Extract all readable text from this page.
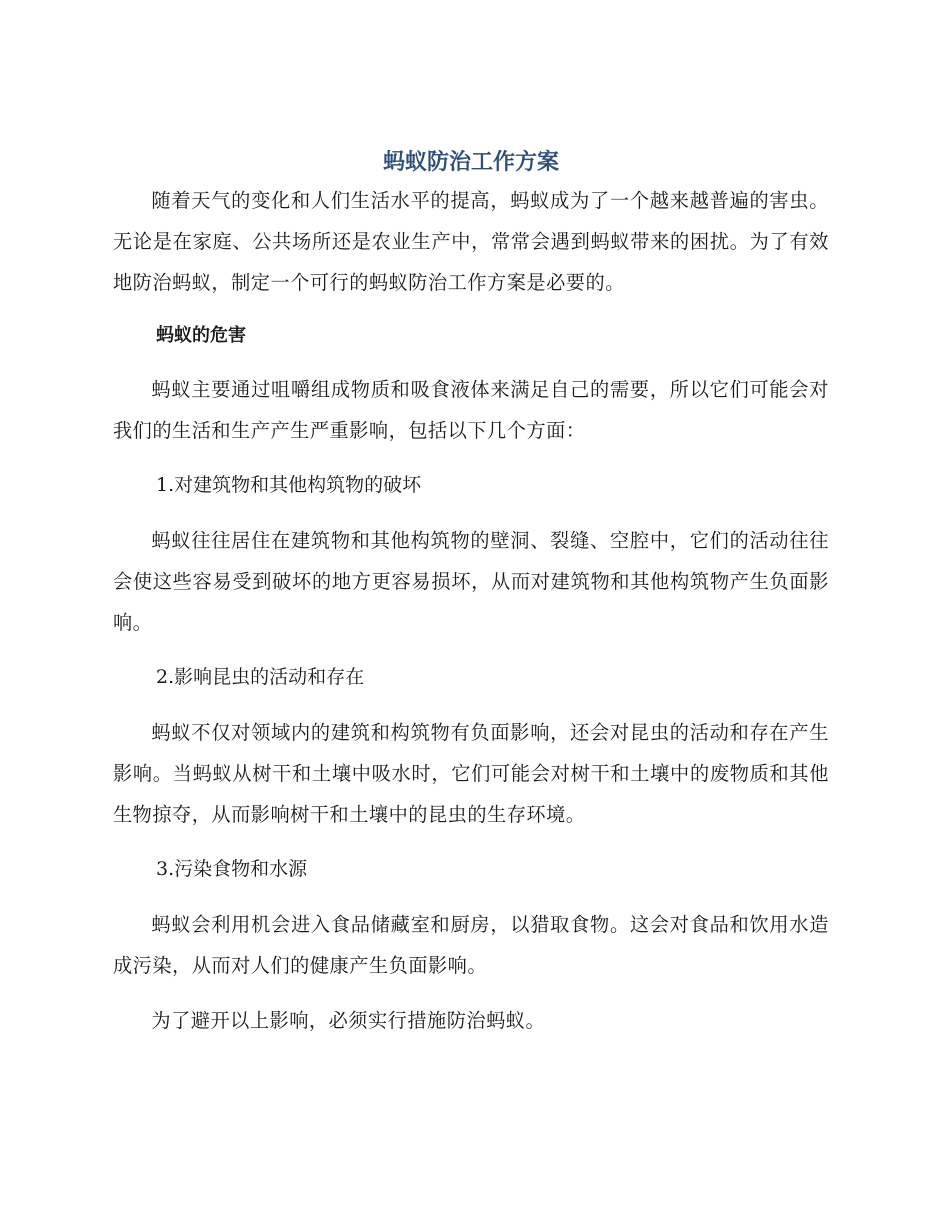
蚂蚁防治工作方案

随着天气的变化和人们生活水平的提高，蚂蚁成为了一个越来越普遍的害虫。无论是在家庭、公共场所还是农业生产中，常常会遇到蚂蚁带来的困扰。为了有效地防治蚂蚁，制定一个可行的蚂蚁防治工作方案是必要的。

蚂蚁的危害

蚂蚁主要通过咀嚼组成物质和吸食液体来满足自己的需要，所以它们可能会对我们的生活和生产产生严重影响，包括以下几个方面：

1.对建筑物和其他构筑物的破坏

蚂蚁往往居住在建筑物和其他构筑物的壁洞、裂缝、空腔中，它们的活动往往会使这些容易受到破坏的地方更容易损坏，从而对建筑物和其他构筑物产生负面影响。

2.影响昆虫的活动和存在

蚂蚁不仅对领域内的建筑和构筑物有负面影响，还会对昆虫的活动和存在产生影响。当蚂蚁从树干和土壤中吸水时，它们可能会对树干和土壤中的废物质和其他生物掠夺，从而影响树干和土壤中的昆虫的生存环境。

3.污染食物和水源

蚂蚁会利用机会进入食品储藏室和厨房，以猎取食物。这会对食品和饮用水造成污染，从而对人们的健康产生负面影响。

为了避开以上影响，必须实行措施防治蚂蚁。
